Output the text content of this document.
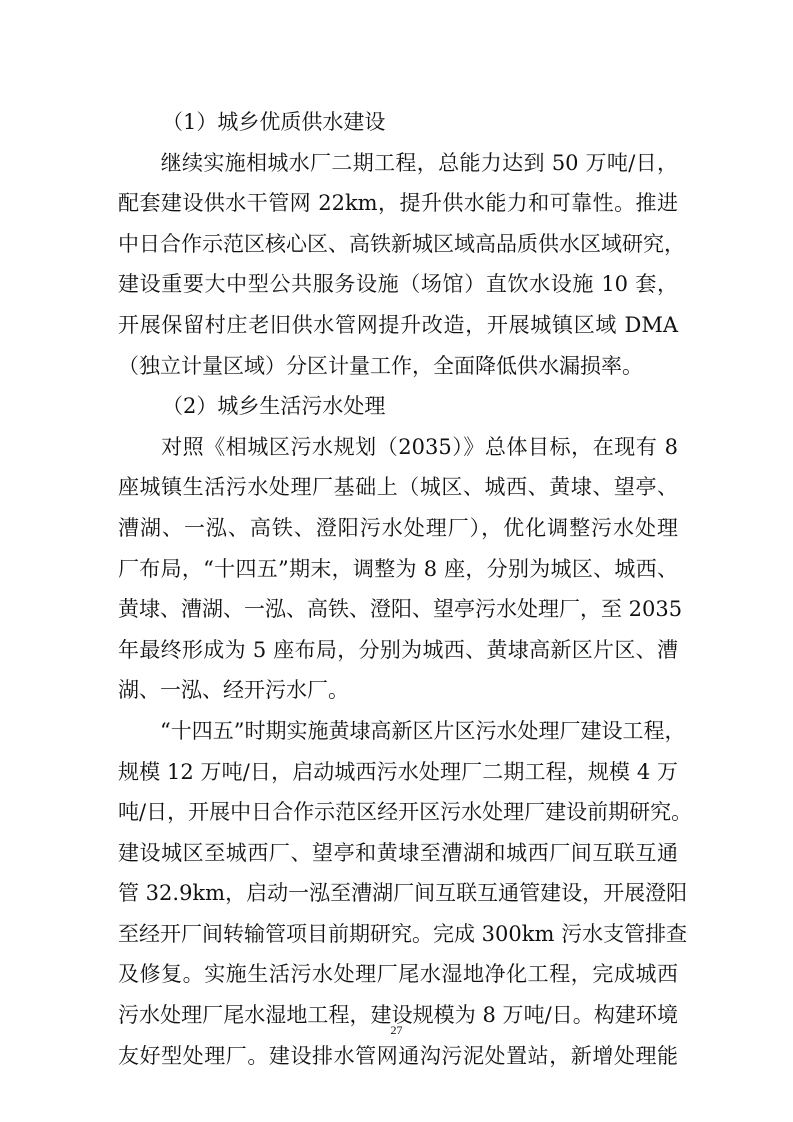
（1）城乡优质供水建设
　　继续实施相城水厂二期工程，总能力达到 50 万吨/日，
配套建设供水干管网 22km，提升供水能力和可靠性。推进
中日合作示范区核心区、高铁新城区域高品质供水区域研究，
建设重要大中型公共服务设施（场馆）直饮水设施 10 套，
开展保留村庄老旧供水管网提升改造，开展城镇区域 DMA
（独立计量区域）分区计量工作，全面降低供水漏损率。
（2）城乡生活污水处理
　　对照《相城区污水规划（2035）》总体目标，在现有 8
座城镇生活污水处理厂基础上（城区、城西、黄埭、望亭、
漕湖、一泓、高铁、澄阳污水处理厂），优化调整污水处理
厂布局，“十四五”期末，调整为 8 座，分别为城区、城西、
黄埭、漕湖、一泓、高铁、澄阳、望亭污水处理厂，至 2035
年最终形成为 5 座布局，分别为城西、黄埭高新区片区、漕
湖、一泓、经开污水厂。
　　“十四五”时期实施黄埭高新区片区污水处理厂建设工程，
规模 12 万吨/日，启动城西污水处理厂二期工程，规模 4 万
吨/日，开展中日合作示范区经开区污水处理厂建设前期研究。
建设城区至城西厂、望亭和黄埭至漕湖和城西厂间互联互通
管 32.9km，启动一泓至漕湖厂间互联互通管建设，开展澄阳
至经开厂间转输管项目前期研究。完成 300km 污水支管排查
及修复。实施生活污水处理厂尾水湿地净化工程，完成城西
污水处理厂尾水湿地工程，建设规模为 8 万吨/日。构建环境
友好型处理厂。建设排水管网通沟污泥处置站，新增处理能
27
